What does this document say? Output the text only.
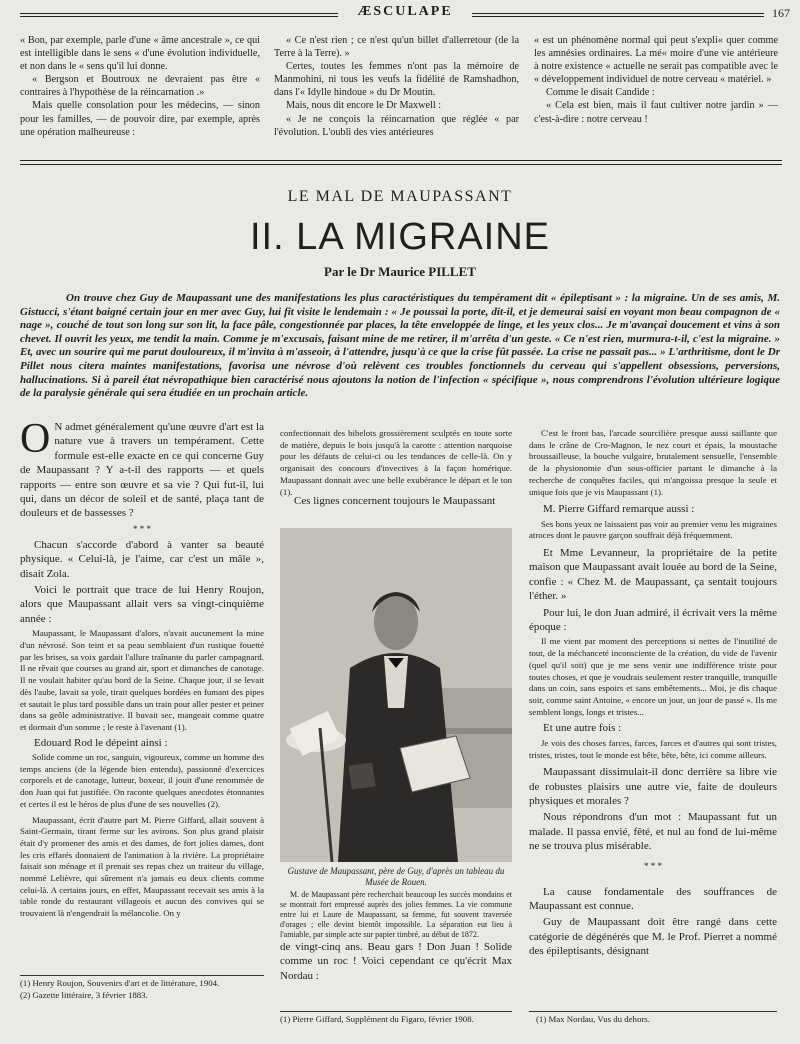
ÆSCULAPE	167

« Bon, par exemple, parle d'une « âme ancestrale », ce qui est intelligible dans le sens « d'une évolution individuelle, et non dans le « sens qu'il lui donne.

« Bergson et Boutroux ne devraient pas être « contraires à l'hypothèse de la réincarnation .»

Mais quelle consolation pour les médecins, — sinon pour les familles, — de pouvoir dire, par exemple, après une opération malheureuse :

« Ce n'est rien ; ce n'est qu'un billet d'allerretour (de la Terre à la Terre). »

Certes, toutes les femmes n'ont pas la mémoire de Manmohini, ni tous les veufs la fidélité de Ramshadhon, dans l'« Idylle hindoue » du Dr Moutin.

Mais, nous dit encore le Dr Maxwell :

« Je ne conçois la réincarnation que réglée « par l'évolution. L'oubli des vies antérieures

« est un phénomène normal qui peut s'expli« quer comme les amnésies ordinaires. La mé« moire d'une vie antérieure à notre existence « actuelle ne serait pas compatible avec le « développement individuel de notre cerveau « matériel. »

Comme le disait Candide :

« Cela est bien, mais il faut cultiver notre jardin » — c'est-à-dire : notre cerveau !

LE MAL DE MAUPASSANT
II. LA MIGRAINE
Par le Dr Maurice PILLET
On trouve chez Guy de Maupassant une des manifestations les plus caractéristiques du tempérament dit « épileptisant » : la migraine. Un de ses amis, M. Gistucci, s'étant baigné certain jour en mer avec Guy, lui fit visite le lendemain : « Je poussai la porte, dit-il, et je demeurai saisi en voyant mon beau compagnon de « nage », couché de tout son long sur son lit, la face pâle, congestionnée par places, la tête enveloppée de linge, et les yeux clos... Je m'avançai doucement et vins à son chevet. Il ouvrit les yeux, me tendit la main. Comme je m'excusais, faisant mine de me retirer, il m'arrêta d'un geste. « Ce n'est rien, murmura-t-il, c'est la migraine. » Et, avec un sourire qui me parut douloureux, il m'invita à m'asseoir, à l'attendre, jusqu'à ce que la crise fût passée. La crise ne passait pas... » L'arthritisme, dont le Dr Pillet nous citera maintes manifestations, favorisa une névrose d'où relèvent ces troubles fonctionnels du cerveau qui s'appellent obsessions, perversions, hallucinations. Si à pareil état névropathique bien caractérisé nous ajoutons la notion de l'infection « spécifique », nous comprendrons l'évolution ultérieure logique de la paralysie générale qui sera étudiée en un prochain article.
O N admet généralement qu'une œuvre d'art est la nature vue à travers un tempérament. Cette formule est-elle exacte en ce qui concerne Guy de Maupassant ? Y a-t-il des rapports — et quels rapports — entre son œuvre et sa vie ? Qui fut-il, lui qui, dans un décor de soleil et de santé, plaça tant de douleurs et de bassesses ?

* * *

Chacun s'accorde d'abord à vanter sa beauté physique. « Celui-là, je l'aime, car c'est un mâle », disait Zola.

Voici le portrait que trace de lui Henry Roujon, alors que Maupassant allait vers sa vingt-cinquième année :

Maupassant, le Maupassant d'alors, n'avait aucunement la mine d'un névrosé. Son teint et sa peau semblaient d'un rustique fouetté par les brises, sa voix gardait l'allure traînante du parler campagnard. Il ne rêvait que courses au grand air, sport et dimanches de canotage. Il ne voulait habiter qu'au bord de la Seine. Chaque jour, il se levait dès l'aube, lavait sa yole, tirait quelques bordées en fumant des pipes et sautait le plus tard possible dans un train pour aller pester et peiner dans sa geôle administrative. Il buvait sec, mangeait comme quatre et dormait d'un somme ; le reste à l'avenant (1).

Edouard Rod le dépeint ainsi :

Solide comme un roc, sanguin, vigoureux, comme un homme des temps anciens (de la légende bien entendu), passionné d'exercices corporels et de canotage, lutteur, boxeur, il jouit d'une renommée de don Juan qui fut justifiée. On raconte quelques anecdotes étonnantes et certes il est le héros de plus d'une de ses nouvelles (2).

Maupassant, écrit d'autre part M. Pierre Giffard, allait souvent à Saint-Germain, tirant ferme sur les avirons. Son plus grand plaisir était d'y promener des amis et des dames, de fort jolies dames, dont les cris effarés donnaient de l'animation à la rivière. La propriétaire faisait son ménage et il prenait ses repas chez un traiteur du village, nommé Lelièvre, qui sûrement n'a jamais eu deux clients comme celui-là. A certains jours, en effet, Maupassant recevait ses amis à la table ronde du restaurant villageois et aucun des convives qui se trouvaient là n'engendrait la mélancolie. On y

(1) Henry Roujon, Souvenirs d'art et de littérature, 1904.
(2) Gazette littéraire, 3 février 1883.

confectionnait des bibelots grossièrement sculptés en toute sorte de matière, depuis le bois jusqu'à la carotte : attention narquoise pour les défauts de celui-ci ou les tendances de celle-là. On y organisait des concours d'invectives à la façon homérique. Maupassant donnait avec une belle exubérance le départ et le ton (1).

Ces lignes concernent toujours le Maupassant

Gustave de Maupassant, père de Guy, d'après un tableau du Musée de Rouen.
M. de Maupassant père recherchait beaucoup les succès mondains et se montrait fort empressé auprès des jolies femmes. La vie commune entre lui et Laure de Maupassant, sa femme, fut souvent traversée d'orages ; elle devint bientôt impossible. La séparation eut lieu à l'amiable, par simple acte sur papier timbré, au début de 1872.

de vingt-cinq ans. Beau gars ! Don Juan ! Solide comme un roc ! Voici cependant ce qu'écrit Max Nordau :

(1) Pierre Giffard, Supplément du Figaro, février 1908.

C'est le front bas, l'arcade sourcilière presque aussi saillante que dans le crâne de Cro-Magnon, le nez court et épais, la moustache broussailleuse, la bouche vulgaire, brutalement sensuelle, l'ensemble de la physionomie d'un sous-officier partant le dimanche à la recherche de conquêtes faciles, qui m'angoissa presque la seule et unique fois que je vis Maupassant (1).

M. Pierre Giffard remarque aussi :

Ses bons yeux ne laissaient pas voir au premier venu les migraines atroces dont le pauvre garçon souffrait déjà fréquemment.

Et Mme Levanneur, la propriétaire de la petite maison que Maupassant avait louée au bord de la Seine, confie : « Chez M. de Maupassant, ça sentait toujours l'éther. »

Pour lui, le don Juan admiré, il écrivait vers la même époque :

Il me vient par moment des perceptions si nettes de l'inutilité de tout, de la méchanceté inconsciente de la création, du vide de l'avenir (quel qu'il soit) que je me sens venir une indifférence triste pour toutes choses, et que je voudrais seulement rester tranquille, tranquille dans un coin, sans espoirs et sans embêtements... Moi, je dis chaque soir, comme saint Antoine, « encore un jour, un jour de passé ». Ils me semblent longs, longs et tristes...

Et une autre fois :

Je vois des choses farces, farces, farces et d'autres qui sont tristes, tristes, tristes, tout le monde est bête, bête, bête, ici comme ailleurs.

Maupassant dissimulait-il donc derrière sa libre vie de robustes plaisirs une autre vie, faite de douleurs physiques et morales ?

Nous répondrons d'un mot : Maupassant fut un malade. Il passa envié, fêté, et nul au fond de lui-même ne se trouva plus misérable.

* * *

La cause fondamentale des souffrances de Maupassant est connue.

Guy de Maupassant doit être rangé dans cette catégorie de dégénérés que M. le Prof. Pierret a nommé des épileptisants, désignant

(1) Max Nordau, Vus du dehors.
